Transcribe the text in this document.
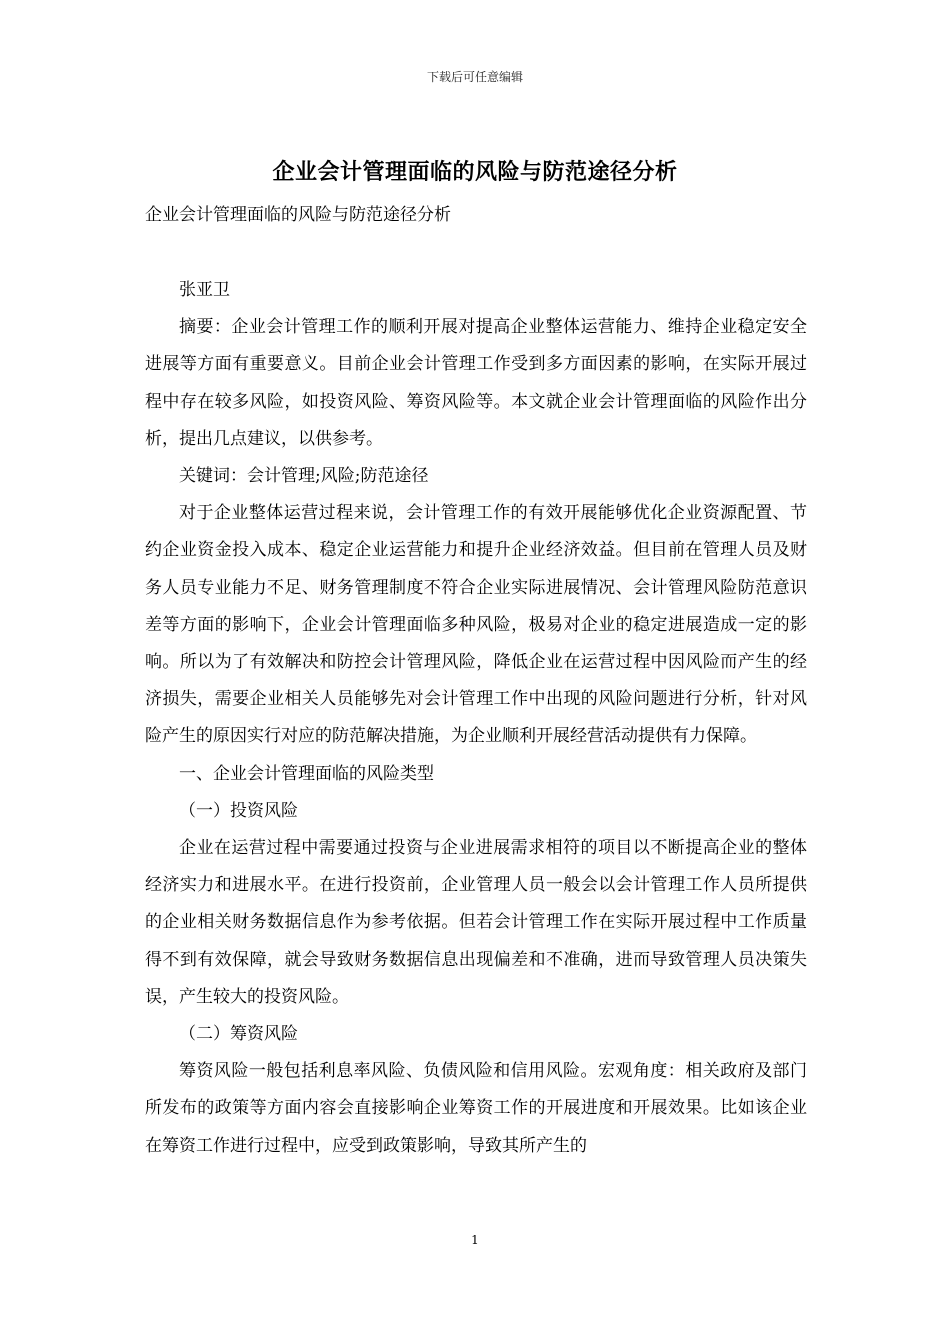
下载后可任意编辑
企业会计管理面临的风险与防范途径分析
企业会计管理面临的风险与防范途径分析

张亚卫

摘要：企业会计管理工作的顺利开展对提高企业整体运营能力、维持企业稳定安全进展等方面有重要意义。目前企业会计管理工作受到多方面因素的影响，在实际开展过程中存在较多风险，如投资风险、筹资风险等。本文就企业会计管理面临的风险作出分析，提出几点建议，以供参考。

关键词：会计管理;风险;防范途径

对于企业整体运营过程来说，会计管理工作的有效开展能够优化企业资源配置、节约企业资金投入成本、稳定企业运营能力和提升企业经济效益。但目前在管理人员及财务人员专业能力不足、财务管理制度不符合企业实际进展情况、会计管理风险防范意识差等方面的影响下，企业会计管理面临多种风险，极易对企业的稳定进展造成一定的影响。所以为了有效解决和防控会计管理风险，降低企业在运营过程中因风险而产生的经济损失，需要企业相关人员能够先对会计管理工作中出现的风险问题进行分析，针对风险产生的原因实行对应的防范解决措施，为企业顺利开展经营活动提供有力保障。

一、企业会计管理面临的风险类型

（一）投资风险

企业在运营过程中需要通过投资与企业进展需求相符的项目以不断提高企业的整体经济实力和进展水平。在进行投资前，企业管理人员一般会以会计管理工作人员所提供的企业相关财务数据信息作为参考依据。但若会计管理工作在实际开展过程中工作质量得不到有效保障，就会导致财务数据信息出现偏差和不准确，进而导致管理人员决策失误，产生较大的投资风险。

（二）筹资风险

筹资风险一般包括利息率风险、负债风险和信用风险。宏观角度：相关政府及部门所发布的政策等方面内容会直接影响企业筹资工作的开展进度和开展效果。比如该企业在筹资工作进行过程中，应受到政策影响，导致其所产生的

1
